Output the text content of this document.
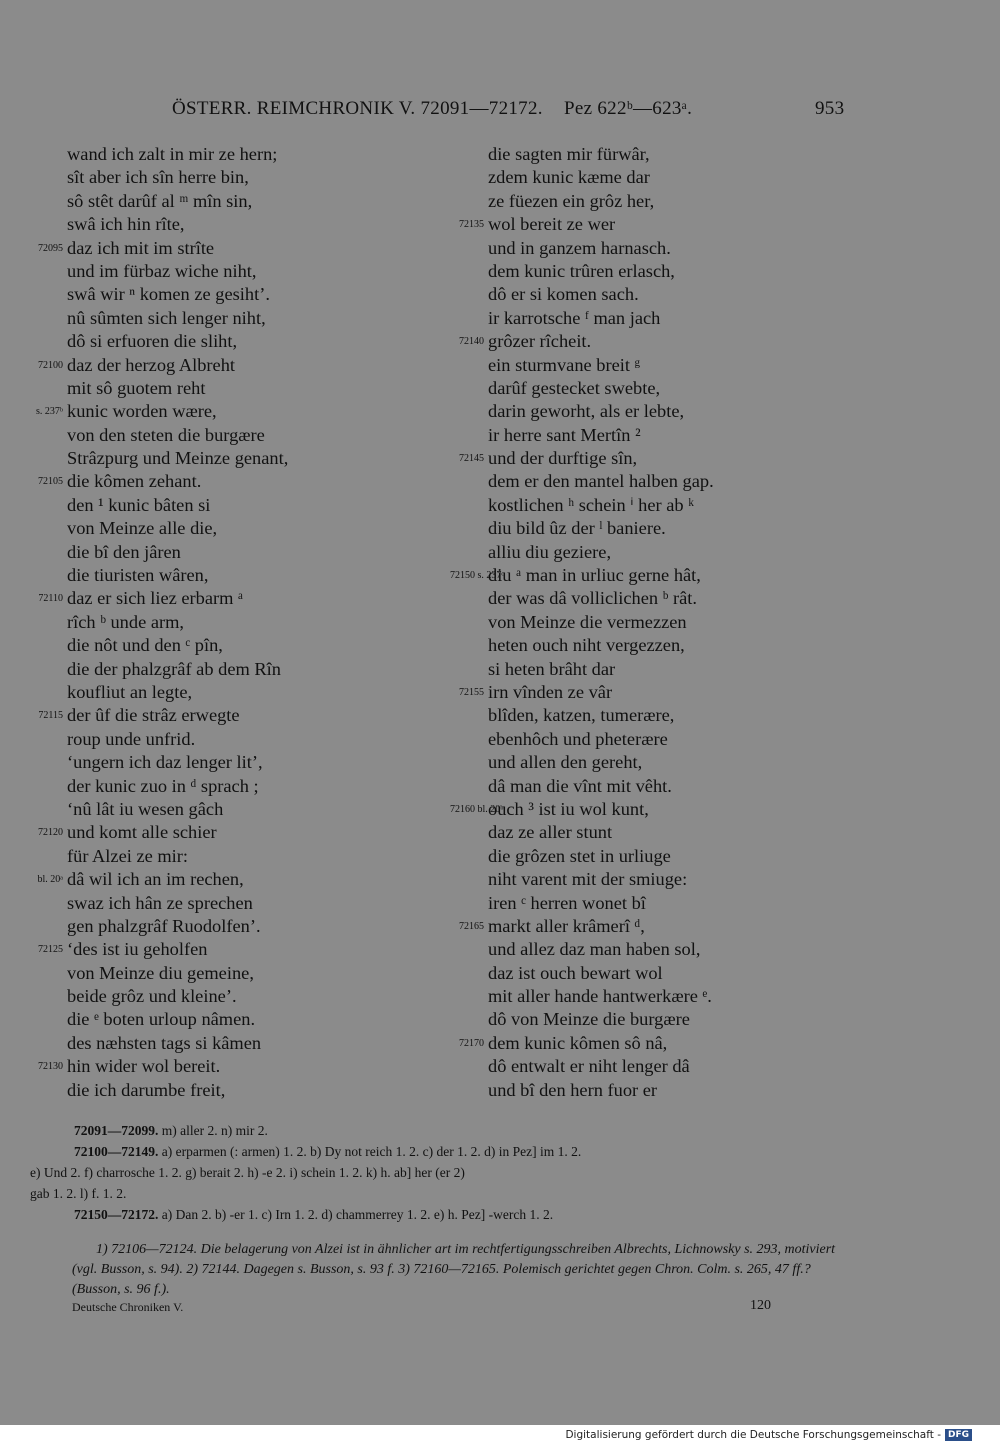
ÖSTERR. REIMCHRONIK V. 72091—72172. Pez 622ᵇ—623ᵃ.	953
wand ich zalt in mir ze hern;
sît aber ich sîn herre bin,
sô stêt darûf al ᵐ mîn sin,
swâ ich hin rîte,
72095 daz ich mit im strîte
und im fürbaz wiche niht,
swâ wir ⁿ komen ze gesiht’.
nû sûmten sich lenger niht,
dô si erfuoren die sliht,
72100 daz der herzog Albreht
mit sô guotem reht
s. 237ᵇ kunic worden wære,
von den steten die burgære
Strâzpurg und Meinze genant,
72105 die kômen zehant.
den ¹ kunic bâten si
von Meinze alle die,
die bî den jâren
die tiuristen wâren,
72110 daz er sich liez erbarm ᵃ
rîch ᵇ unde arm,
die nôt und den ᶜ pîn,
die der phalzgrâf ab dem Rîn
koufliut an legte,
72115 der ûf die strâz erwegte
roup unde unfrid.
‘ungern ich daz lenger lit’,
der kunic zuo in ᵈ sprach ;
‘nû lât iu wesen gâch
72120 und komt alle schier
für Alzei ze mir:
bl. 20ᵃ dâ wil ich an im rechen,
swaz ich hân ze sprechen
gen phalzgrâf Ruodolfen’.
72125 ‘des ist iu geholfen
von Meinze diu gemeine,
beide grôz und kleine’.
die ᵉ boten urloup nâmen.
des næhsten tags si kâmen
72130 hin wider wol bereit.
die ich darumbe freit,
die sagten mir fürwâr,
zdem kunic kæme dar
ze füezen ein grôz her,
72135 wol bereit ze wer
und in ganzem harnasch.
dem kunic trûren erlasch,
dô er si komen sach.
ir karrotsche ᶠ man jach
72140 grôzer rîcheit.
ein sturmvane breit ᵍ
darûf gestecket swebte,
darin geworht, als er lebte,
ir herre sant Mertîn ²
72145 und der durftige sîn,
dem er den mantel halben gap.
kostlichen ʰ schein ⁱ her ab ᵏ
diu bild ûz der ˡ baniere.
alliu diu geziere,
72150 s. 237ᶜ
diu ᵃ man in urliuc gerne hât,
der was dâ volliclichen ᵇ rât.
von Meinze die vermezzen
heten ouch niht vergezzen,
si heten brâht dar
72155 irn vînden ze vâr
blîden, katzen, tumerære,
ebenhôch und pheterære
und allen den gereht,
dâ man die vînt mit vêht.
72160 bl. 20ᵇ
ouch ³ ist iu wol kunt,
daz ze aller stunt
die grôzen stet in urliuge
niht varent mit der smiuge:
iren ᶜ herren wonet bî
72165 markt aller krâmerî ᵈ,
und allez daz man haben sol,
daz ist ouch bewart wol
mit aller hande hantwerkære ᵉ.
dô von Meinze die burgære
72170 dem kunic kômen sô nâ,
dô entwalt er niht lenger dâ
und bî den hern fuor er

72091—72099. m) aller 2. n) mir 2.

72100—72149. a) erparmen (: armen) 1. 2. b) Dy not reich 1. 2. c) der 1. 2. d) in Pez] im 1. 2.

e) Und 2. f) charrosche 1. 2. g) berait 2. h) -e 2. i) schein 1. 2. k) h. ab] her (er 2)

gab 1. 2. l) f. 1. 2.

72150—72172. a) Dan 2. b) -er 1. c) Irn 1. 2. d) chammerrey 1. 2. e) h. Pez] -werch 1. 2.

1) 72106—72124. Die belagerung von Alzei ist in ähnlicher art im rechtfertigungsschreiben Albrechts, Lichnowsky s. 293, motiviert (vgl. Busson, s. 94). 2) 72144. Dagegen s. Busson, s. 93 f. 3) 72160—72165. Polemisch gerichtet gegen Chron. Colm. s. 265, 47 ff.? (Busson, s. 96 f.).

Deutsche Chroniken V.	120
Digitalisierung gefördert durch die Deutsche Forschungsgemeinschaft - DFG
